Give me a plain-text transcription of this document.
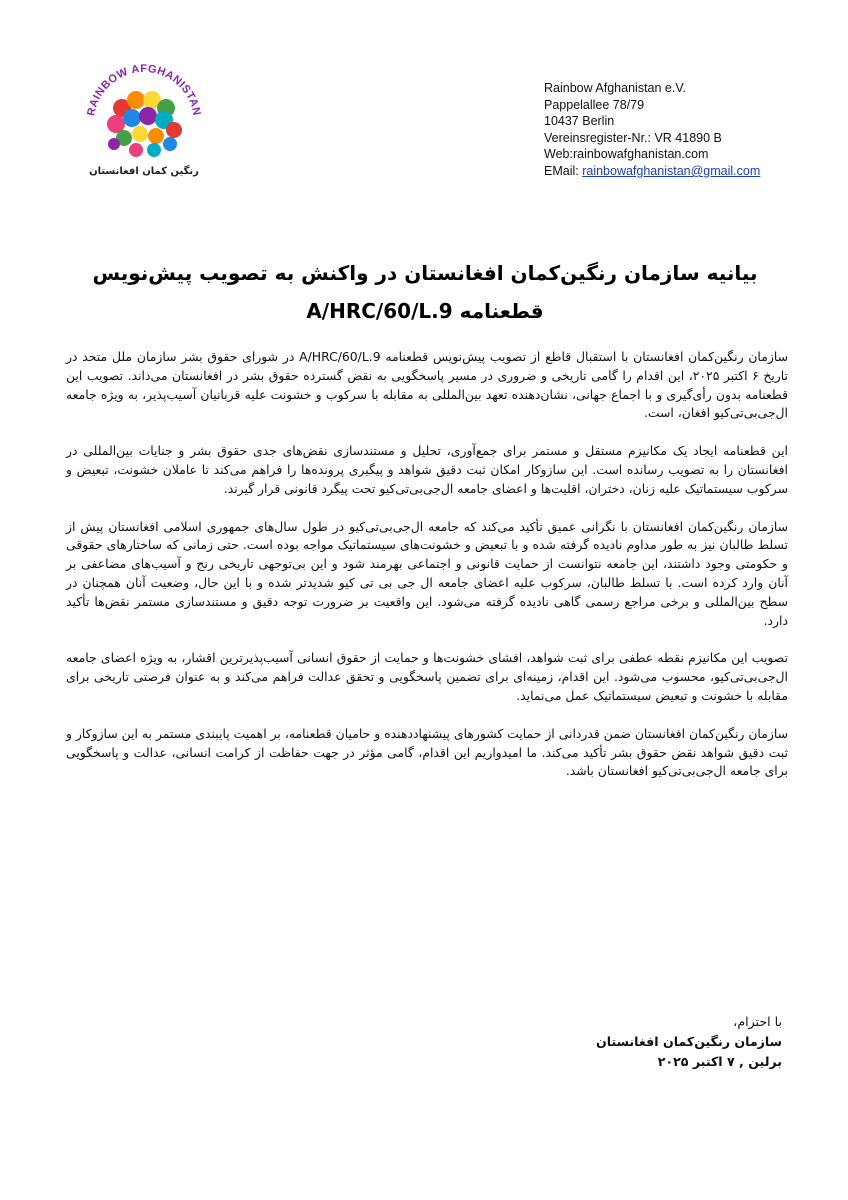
RAINBOW AFGHANISTAN
رنگین کمان افغانستان
Rainbow Afghanistan e.V.
Pappelallee 78/79
10437 Berlin
Vereinsregister-Nr.: VR 41890 B
Web:rainbowafghanistan.com
EMail: rainbowafghanistan@gmail.com
بیانیه سازمان رنگین‌کمان افغانستان در واکنش به تصویب پیش‌نویس
قطعنامه A/HRC/60/L.9

سازمان رنگین‌کمان افغانستان با استقبال قاطع از تصویب پیش‌نویس قطعنامه A/HRC/60/L.9 در شورای حقوق بشر سازمان ملل متحد در تاریخ ۶ اکتبر ۲۰۲۵، این اقدام را گامی تاریخی و ضروری در مسیر پاسخگویی به نقض گسترده حقوق بشر در افغانستان می‌داند. تصویب این قطعنامه بدون رأی‌گیری و با اجماع جهانی، نشان‌دهنده تعهد بین‌المللی به مقابله با سرکوب و خشونت علیه قربانیان آسیب‌پذیر، به ویژه جامعه ال‌جی‌بی‌تی‌کیو افغان، است.

این قطعنامه ایجاد یک مکانیزم مستقل و مستمر برای جمع‌آوری، تحلیل و مستندسازی نقض‌های جدی حقوق بشر و جنایات بین‌المللی در افغانستان را به تصویب رسانده است. این سازوکار امکان ثبت دقیق شواهد و پیگیری پرونده‌ها را فراهم می‌کند تا عاملان خشونت، تبعیض و سرکوب سیستماتیک علیه زنان، دختران، اقلیت‌ها و اعضای جامعه ال‌جی‌بی‌تی‌کیو تحت پیگرد قانونی قرار گیرند.

سازمان رنگین‌کمان افغانستان با نگرانی عمیق تأکید می‌کند که جامعه ال‌جی‌بی‌تی‌کیو در طول سال‌های جمهوری اسلامی افغانستان پیش از تسلط طالبان نیز به طور مداوم نادیده گرفته شده و با تبعیض و خشونت‌های سیستماتیک مواجه بوده است. حتی زمانی که ساختارهای حقوقی و حکومتی وجود داشتند، این جامعه نتوانست از حمایت قانونی و اجتماعی بهرمند شود و این بی‌توجهی تاریخی رنج و آسیب‌های مضاعفی بر آنان وارد کرده است. با تسلط طالبان، سرکوب علیه اعضای جامعه ال جی بی تی کیو شدیدتر شده و با این حال، وضعیت آنان همچنان در سطح بین‌المللی و برخی مراجع رسمی گاهی نادیده گرفته می‌شود. این واقعیت بر ضرورت توجه دقیق و مستندسازی مستمر نقض‌ها تأکید دارد.

تصویب این مکانیزم نقطه عطفی برای ثبت شواهد، افشای خشونت‌ها و حمایت از حقوق انسانی آسیب‌پذیرترین اقشار، به ویژه اعضای جامعه ال‌جی‌بی‌تی‌کیو، محسوب می‌شود. این اقدام، زمینه‌ای برای تضمین پاسخگویی و تحقق عدالت فراهم می‌کند و به عنوان فرصتی تاریخی برای مقابله با خشونت و تبعیض سیستماتیک عمل می‌نماید.

سازمان رنگین‌کمان افغانستان ضمن قدردانی از حمایت کشورهای پیشنهاددهنده و حامیان قطعنامه، بر اهمیت پایبندی مستمر به این سازوکار و ثبت دقیق شواهد نقض حقوق بشر تأکید می‌کند. ما امیدواریم این اقدام، گامی مؤثر در جهت حفاظت از کرامت انسانی، عدالت و پاسخگویی برای جامعه ال‌جی‌بی‌تی‌کیو افغانستان باشد.

با احترام،
سازمان رنگین‌کمان افغانستان
برلین , ۷ اکتبر ۲۰۲۵
